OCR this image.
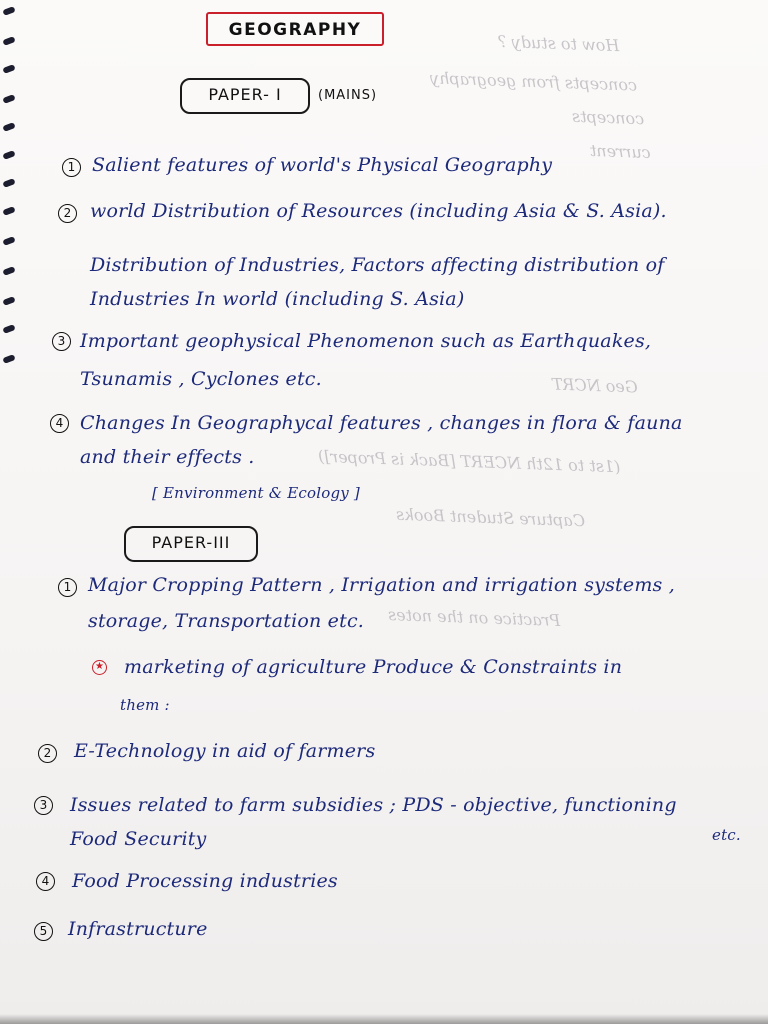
How to study ?
concepts from geography
concepts
current
(1st to 12th NCERT [Back is Proper])
Capture Student Books
Practice on the notes
Geo NCRT
GEOGRAPHY
PAPER- I	(MAINS)
1 Salient features of world's Physical Geography
2 world Distribution of Resources (including Asia & S. Asia).
Distribution of Industries, Factors affecting distribution of
Industries In world (including S. Asia)
3 Important geophysical Phenomenon such as Earthquakes,
Tsunamis , Cyclones etc.
4 Changes In Geographycal features , changes in flora & fauna
and their effects .
[ Environment & Ecology ]
PAPER-III
1 Major Cropping Pattern , Irrigation and irrigation systems ,
storage, Transportation etc.
★ marketing of agriculture Produce & Constraints in
them :
2 E-Technology in aid of farmers
3 Issues related to farm subsidies ; PDS - objective, functioning
Food Security	etc.
4 Food Processing industries
5 Infrastructure
